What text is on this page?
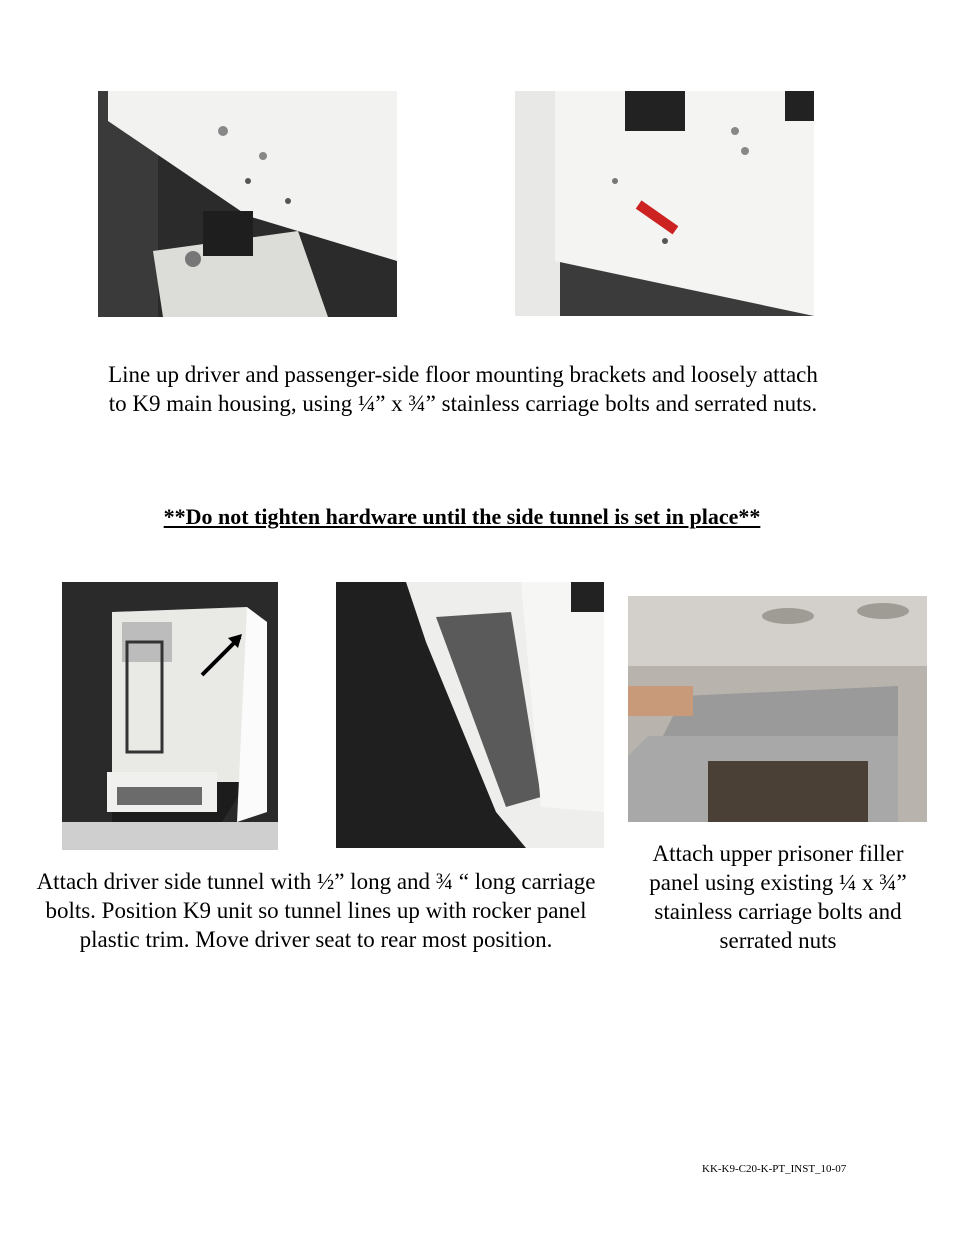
Line up driver and passenger-side floor mounting brackets and loosely attach to K9 main housing, using ¼” x ¾” stainless carriage bolts and serrated nuts.
**Do not tighten hardware until the side tunnel is set in place**
Attach driver side tunnel with ½” long and ¾ “ long carriage bolts. Position K9 unit so tunnel lines up with rocker panel plastic trim. Move driver seat to rear most position.
Attach upper prisoner filler panel using existing ¼ x ¾” stainless carriage bolts and serrated nuts
KK-K9-C20-K-PT_INST_10-07
